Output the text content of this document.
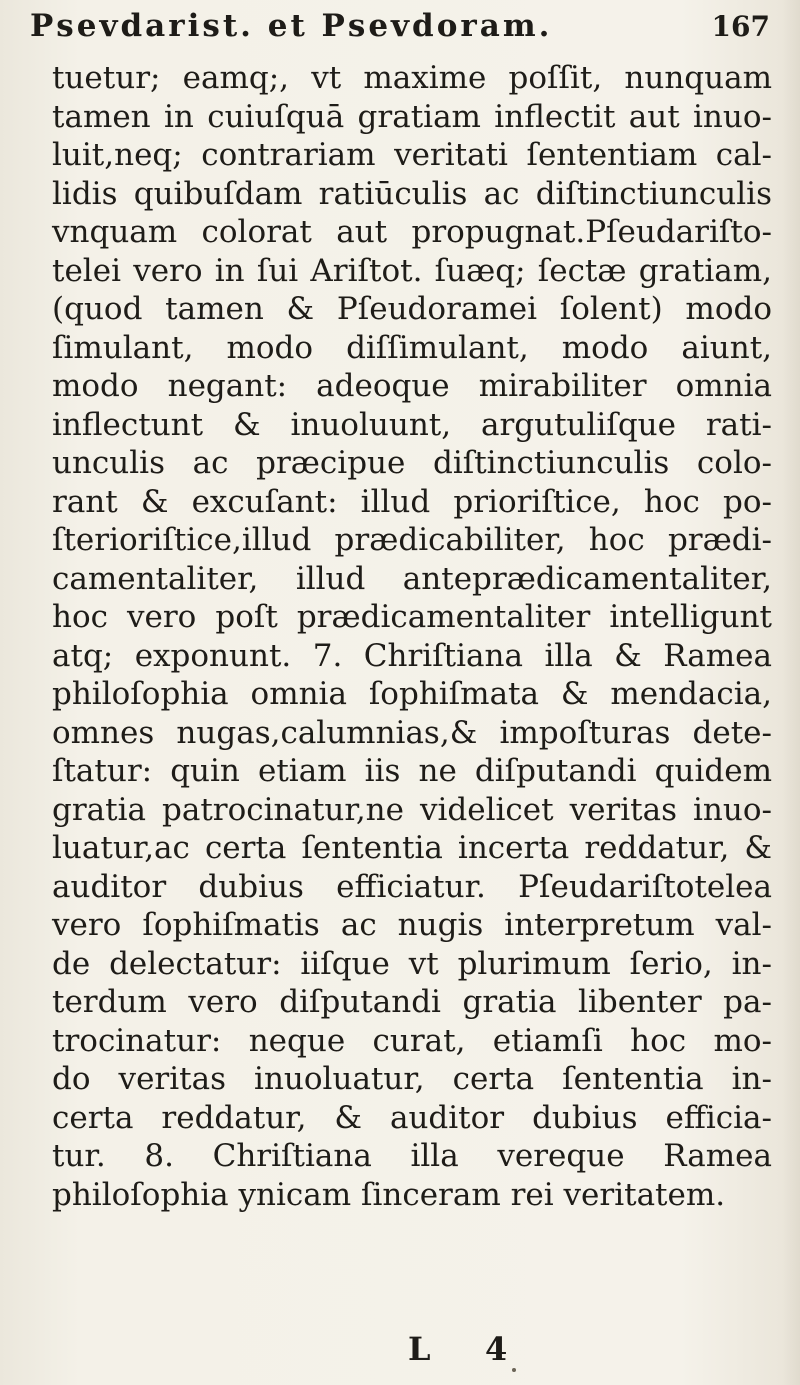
Psevdarist. et Psevdoram.	167
tuetur; eamq;, vt maxime poſſit, nunquam
tamen in cuiuſquā gratiam inflectit aut inuo-
luit,neq; contrariam veritati ſententiam cal-
lidis quibuſdam ratiūculis ac diſtinctiunculis
vnquam colorat aut propugnat.Pſeudariſto-
telei vero in ſui Ariſtot. ſuæq; ſectæ gratiam,
(quod tamen & Pſeudoramei ſolent) modo
ſimulant, modo diſſimulant, modo aiunt,
modo negant: adeoque mirabiliter omnia
inflectunt & inuoluunt, argutuliſque rati-
unculis ac præcipue diſtinctiunculis colo-
rant & excuſant: illud prioriſtice, hoc po-
ſterioriſtice,illud prædicabiliter, hoc prædi-
camentaliter, illud anteprædicamentaliter,
hoc vero poſt prædicamentaliter intelligunt
atq; exponunt. 7. Chriſtiana illa & Ramea
philoſophia omnia ſophiſmata & mendacia,
omnes nugas,calumnias,& impoſturas dete-
ſtatur: quin etiam iis ne diſputandi quidem
gratia patrocinatur,ne videlicet veritas inuo-
luatur,ac certa ſententia incerta reddatur, &
auditor dubius efficiatur. Pſeudariſtotelea
vero ſophiſmatis ac nugis interpretum val-
de delectatur: iiſque vt plurimum ſerio, in-
terdum vero diſputandi gratia libenter pa-
trocinatur: neque curat, etiamſi hoc mo-
do veritas inuoluatur, certa ſententia in-
certa reddatur, & auditor dubius efficia-
tur. 8. Chriſtiana illa vereque Ramea
philoſophia ynicam ſinceram rei veritatem.
L 4
